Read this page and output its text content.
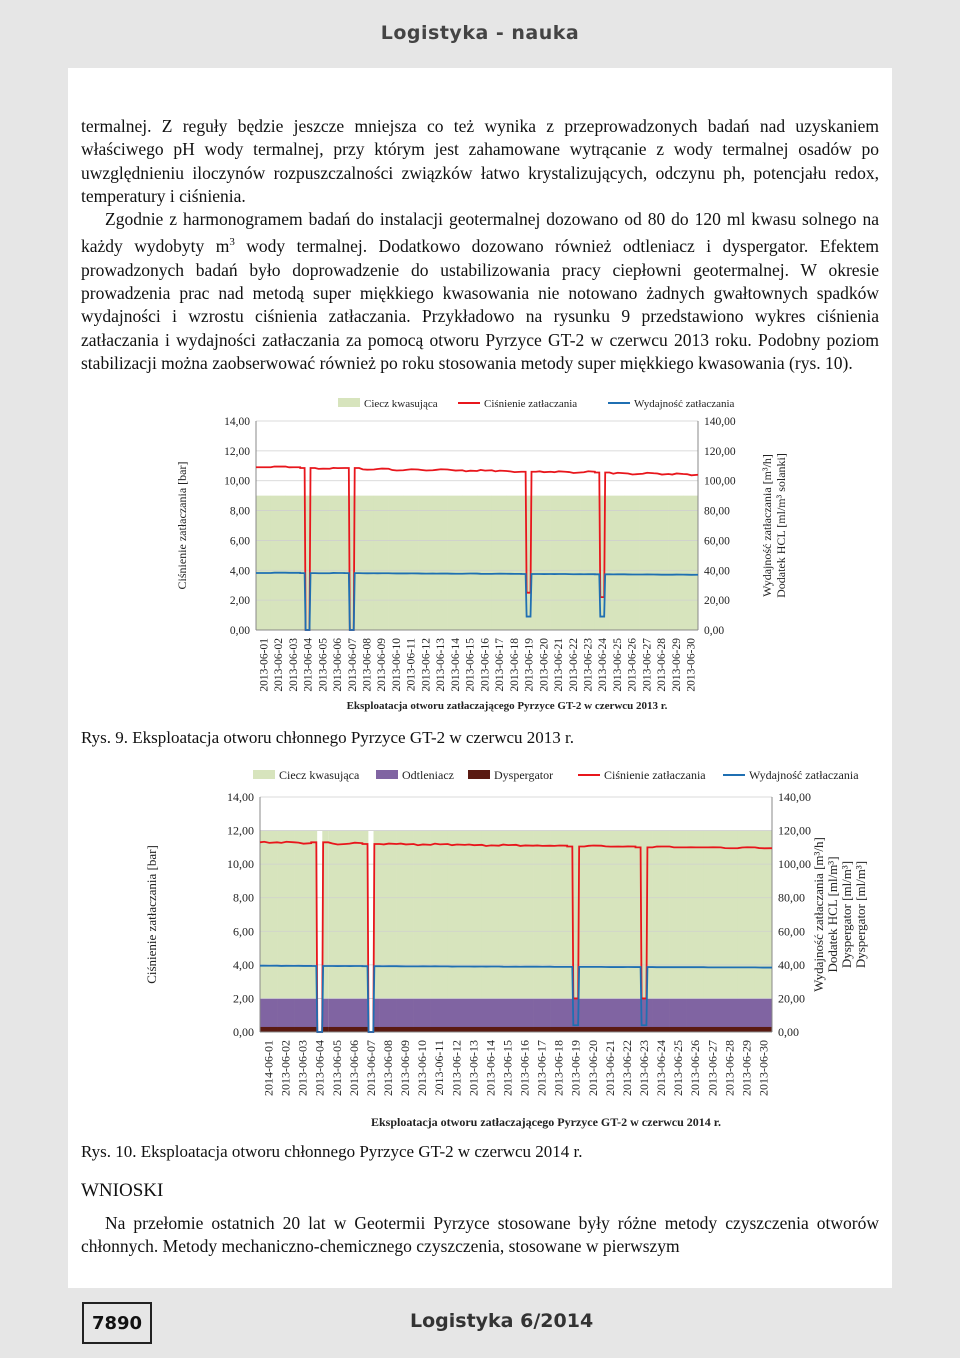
Logistyka - nauka

termalnej. Z reguły będzie jeszcze mniejsza co też wynika z przeprowadzonych badań nad uzyskaniem właściwego pH wody termalnej, przy którym jest zahamowane wytrącanie z wody termalnej osadów po uwzględnieniu iloczynów rozpuszczalności związków łatwo krystalizujących, odczynu ph, potencjału redox, temperatury i ciśnienia.

Zgodnie z harmonogramem badań do instalacji geotermalnej dozowano od 80 do 120 ml kwasu solnego na każdy wydobyty $m^3$ wody termalnej. Dodatkowo dozowano również odtleniacz i dyspergator. Efektem prowadzonych badań było doprowadzenie do ustabilizowania pracy ciepłowni geotermalnej. W okresie prowadzenia prac nad metodą super miękkiego kwasowania nie notowano żadnych gwałtownych spadków wydajności i wzrostu ciśnienia zatłaczania. Przykładowo na rysunku 9 przedstawiono wykres ciśnienia zatłaczania i wydajności zatłaczania za pomocą otworu Pyrzyce GT-2 w czerwcu 2013 roku. Podobny poziom stabilizacji można zaobserwować również po roku stosowania metody super miękkiego kwasowania (rys. 10).

Ciecz kwasująca	Ciśnienie zatłaczania	Wydajność zatłaczania
0,00
2,00
4,00
6,00
8,00
10,00
12,00
14,00
0,00
20,00
40,00
60,00
80,00
100,00
120,00
140,00
2013-06-01 2013-06-02 2013-06-03 2013-06-04 2013-06-05 2013-06-06 2013-06-07 2013-06-08 2013-06-09 2013-06-10 2013-06-11 2013-06-12 2013-06-13 2013-06-14 2013-06-15 2013-06-16 2013-06-17 2013-06-18 2013-06-19 2013-06-20 2013-06-21 2013-06-22 2013-06-23 2013-06-24 2013-06-25 2013-06-26 2013-06-27 2013-06-28 2013-06-29 2013-06-30
Ciśnienie zatłaczania [bar]	Wydajność zatłaczania [m³/h] Dodatek HCL [ml/m³ solanki]
Eksploatacja otworu zatłaczającego Pyrzyce GT-2 w czerwcu 2013 r.
Rys. 9. Eksploatacja otworu chłonnego Pyrzyce GT-2 w czerwcu 2013 r.
Ciecz kwasująca	Odtleniacz	Dyspergator	Ciśnienie zatłaczania	Wydajność zatłaczania
0,00
2,00
4,00
6,00
8,00
10,00
12,00
14,00
0,00
20,00
40,00
60,00
80,00
100,00
120,00
140,00
2014-06-01 2013-06-02 2013-06-03 2013-06-04 2013-06-05 2013-06-06 2013-06-07 2013-06-08 2013-06-09 2013-06-10 2013-06-11 2013-06-12 2013-06-13 2013-06-14 2013-06-15 2013-06-16 2013-06-17 2013-06-18 2013-06-19 2013-06-20 2013-06-21 2013-06-22 2013-06-23 2013-06-24 2013-06-25 2013-06-26 2013-06-27 2013-06-28 2013-06-29 2013-06-30
Ciśnienie zatłaczania [bar]	Wydajność zatłaczania [m³/h] Dodatek HCL [ml/m³] Dyspergator [ml/m³] Dyspergator [ml/m³]
Eksploatacja otworu zatłaczającego Pyrzyce GT-2 w czerwcu 2014 r.
Rys. 10. Eksploatacja otworu chłonnego Pyrzyce GT-2 w czerwcu 2014 r.
WNIOSKI

Na przełomie ostatnich 20 lat w Geotermii Pyrzyce stosowane były różne metody czyszczenia otworów chłonnych. Metody mechaniczno-chemicznego czyszczenia, stosowane w pierwszym

7890	Logistyka 6/2014
